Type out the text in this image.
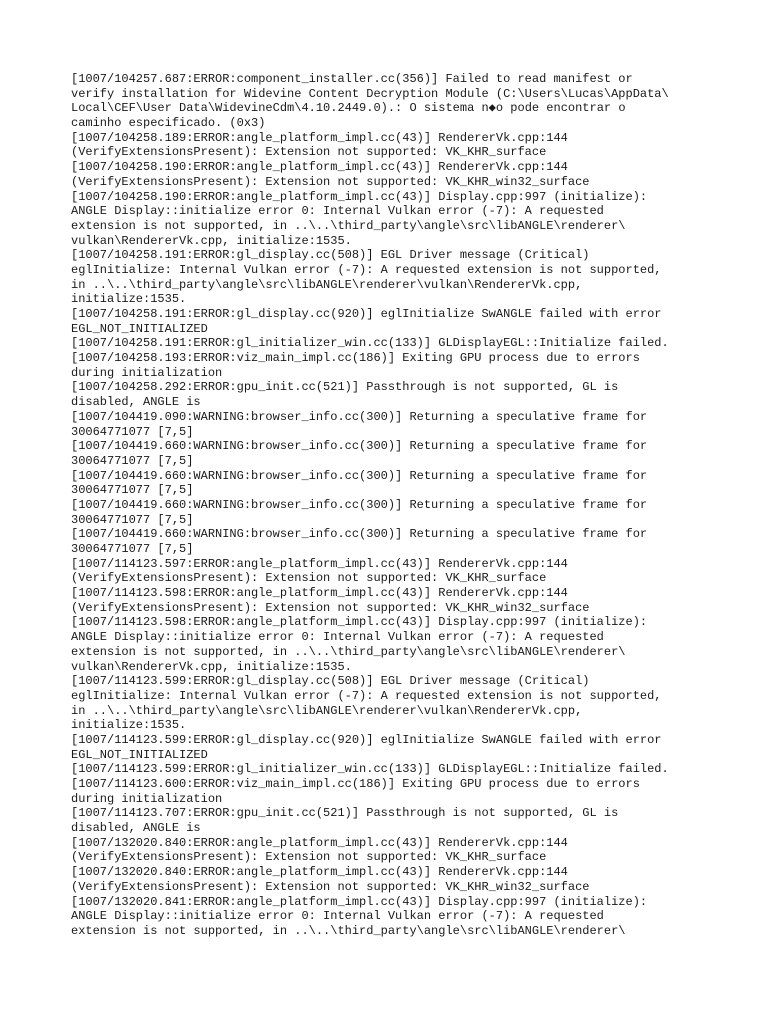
[1007/104257.687:ERROR:component_installer.cc(356)] Failed to read manifest or
verify installation for Widevine Content Decryption Module (C:\Users\Lucas\AppData\
Local\CEF\User Data\WidevineCdm\4.10.2449.0).: O sistema n◆o pode encontrar o
caminho especificado. (0x3)
[1007/104258.189:ERROR:angle_platform_impl.cc(43)] RendererVk.cpp:144
(VerifyExtensionsPresent): Extension not supported: VK_KHR_surface
[1007/104258.190:ERROR:angle_platform_impl.cc(43)] RendererVk.cpp:144
(VerifyExtensionsPresent): Extension not supported: VK_KHR_win32_surface
[1007/104258.190:ERROR:angle_platform_impl.cc(43)] Display.cpp:997 (initialize):
ANGLE Display::initialize error 0: Internal Vulkan error (-7): A requested
extension is not supported, in ..\..\third_party\angle\src\libANGLE\renderer\
vulkan\RendererVk.cpp, initialize:1535.
[1007/104258.191:ERROR:gl_display.cc(508)] EGL Driver message (Critical)
eglInitialize: Internal Vulkan error (-7): A requested extension is not supported,
in ..\..\third_party\angle\src\libANGLE\renderer\vulkan\RendererVk.cpp,
initialize:1535.
[1007/104258.191:ERROR:gl_display.cc(920)] eglInitialize SwANGLE failed with error
EGL_NOT_INITIALIZED
[1007/104258.191:ERROR:gl_initializer_win.cc(133)] GLDisplayEGL::Initialize failed.
[1007/104258.193:ERROR:viz_main_impl.cc(186)] Exiting GPU process due to errors
during initialization
[1007/104258.292:ERROR:gpu_init.cc(521)] Passthrough is not supported, GL is
disabled, ANGLE is
[1007/104419.090:WARNING:browser_info.cc(300)] Returning a speculative frame for
30064771077 [7,5]
[1007/104419.660:WARNING:browser_info.cc(300)] Returning a speculative frame for
30064771077 [7,5]
[1007/104419.660:WARNING:browser_info.cc(300)] Returning a speculative frame for
30064771077 [7,5]
[1007/104419.660:WARNING:browser_info.cc(300)] Returning a speculative frame for
30064771077 [7,5]
[1007/104419.660:WARNING:browser_info.cc(300)] Returning a speculative frame for
30064771077 [7,5]
[1007/114123.597:ERROR:angle_platform_impl.cc(43)] RendererVk.cpp:144
(VerifyExtensionsPresent): Extension not supported: VK_KHR_surface
[1007/114123.598:ERROR:angle_platform_impl.cc(43)] RendererVk.cpp:144
(VerifyExtensionsPresent): Extension not supported: VK_KHR_win32_surface
[1007/114123.598:ERROR:angle_platform_impl.cc(43)] Display.cpp:997 (initialize):
ANGLE Display::initialize error 0: Internal Vulkan error (-7): A requested
extension is not supported, in ..\..\third_party\angle\src\libANGLE\renderer\
vulkan\RendererVk.cpp, initialize:1535.
[1007/114123.599:ERROR:gl_display.cc(508)] EGL Driver message (Critical)
eglInitialize: Internal Vulkan error (-7): A requested extension is not supported,
in ..\..\third_party\angle\src\libANGLE\renderer\vulkan\RendererVk.cpp,
initialize:1535.
[1007/114123.599:ERROR:gl_display.cc(920)] eglInitialize SwANGLE failed with error
EGL_NOT_INITIALIZED
[1007/114123.599:ERROR:gl_initializer_win.cc(133)] GLDisplayEGL::Initialize failed.
[1007/114123.600:ERROR:viz_main_impl.cc(186)] Exiting GPU process due to errors
during initialization
[1007/114123.707:ERROR:gpu_init.cc(521)] Passthrough is not supported, GL is
disabled, ANGLE is
[1007/132020.840:ERROR:angle_platform_impl.cc(43)] RendererVk.cpp:144
(VerifyExtensionsPresent): Extension not supported: VK_KHR_surface
[1007/132020.840:ERROR:angle_platform_impl.cc(43)] RendererVk.cpp:144
(VerifyExtensionsPresent): Extension not supported: VK_KHR_win32_surface
[1007/132020.841:ERROR:angle_platform_impl.cc(43)] Display.cpp:997 (initialize):
ANGLE Display::initialize error 0: Internal Vulkan error (-7): A requested
extension is not supported, in ..\..\third_party\angle\src\libANGLE\renderer\
